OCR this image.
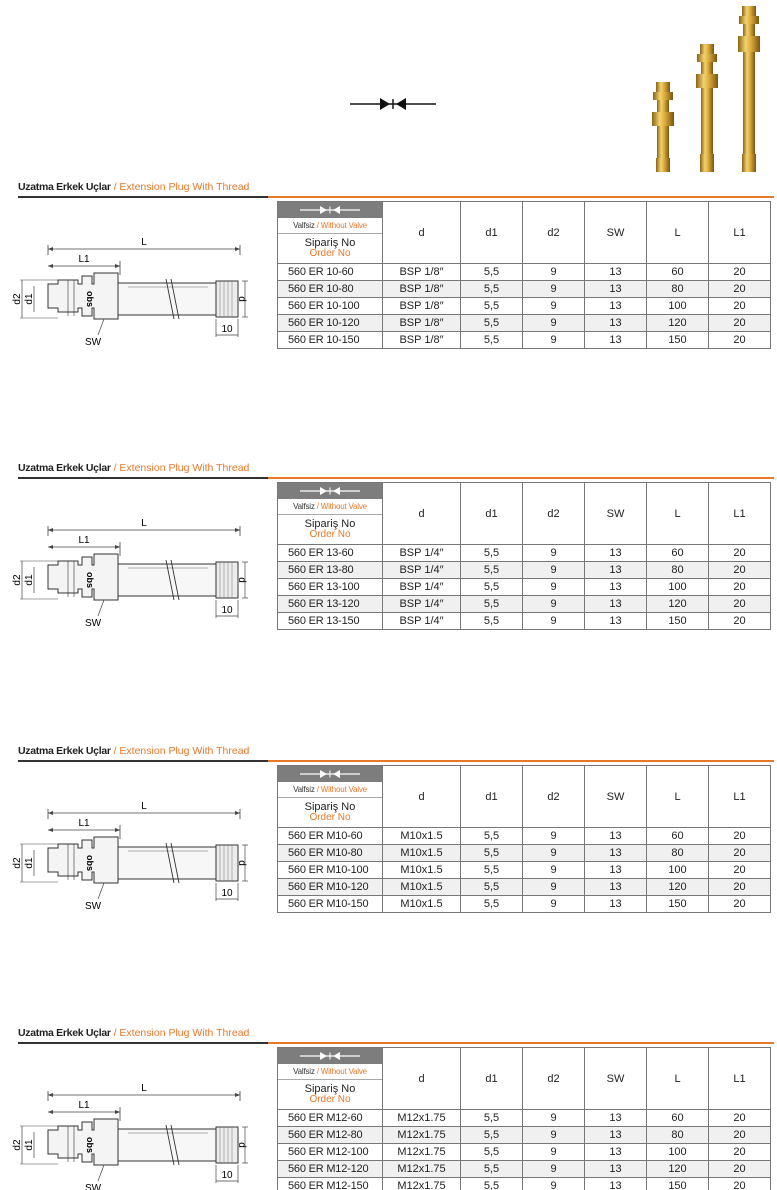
Uzatma Erkek Uçlar / Extension Plug With Thread
L
L1
d
10
d1
d2	obs
SW
Valfsiz / Without Valve
Sipariş No
Order No	d	d1	d2	SW	L	L1
560 ER 10-60	BSP 1/8″	5,5	9	13	60	20
560 ER 10-80	BSP 1/8″	5,5	9	13	80	20
560 ER 10-100	BSP 1/8″	5,5	9	13	100	20
560 ER 10-120	BSP 1/8″	5,5	9	13	120	20
560 ER 10-150	BSP 1/8″	5,5	9	13	150	20
Uzatma Erkek Uçlar / Extension Plug With Thread
L
L1
d
10
d1
d2	obs
SW
Valfsiz / Without Valve
Sipariş No
Order No	d	d1	d2	SW	L	L1
560 ER 13-60	BSP 1/4″	5,5	9	13	60	20
560 ER 13-80	BSP 1/4″	5,5	9	13	80	20
560 ER 13-100	BSP 1/4″	5,5	9	13	100	20
560 ER 13-120	BSP 1/4″	5,5	9	13	120	20
560 ER 13-150	BSP 1/4″	5,5	9	13	150	20
Uzatma Erkek Uçlar / Extension Plug With Thread
L
L1
d
10
d1
d2	obs
SW
Valfsiz / Without Valve
Sipariş No
Order No	d	d1	d2	SW	L	L1
560 ER M10-60	M10x1.5	5,5	9	13	60	20
560 ER M10-80	M10x1.5	5,5	9	13	80	20
560 ER M10-100	M10x1.5	5,5	9	13	100	20
560 ER M10-120	M10x1.5	5,5	9	13	120	20
560 ER M10-150	M10x1.5	5,5	9	13	150	20
Uzatma Erkek Uçlar / Extension Plug With Thread
L
L1
d
10
d1
d2	obs
SW
Valfsiz / Without Valve
Sipariş No
Order No	d	d1	d2	SW	L	L1
560 ER M12-60	M12x1.75	5,5	9	13	60	20
560 ER M12-80	M12x1.75	5,5	9	13	80	20
560 ER M12-100	M12x1.75	5,5	9	13	100	20
560 ER M12-120	M12x1.75	5,5	9	13	120	20
560 ER M12-150	M12x1.75	5,5	9	13	150	20
